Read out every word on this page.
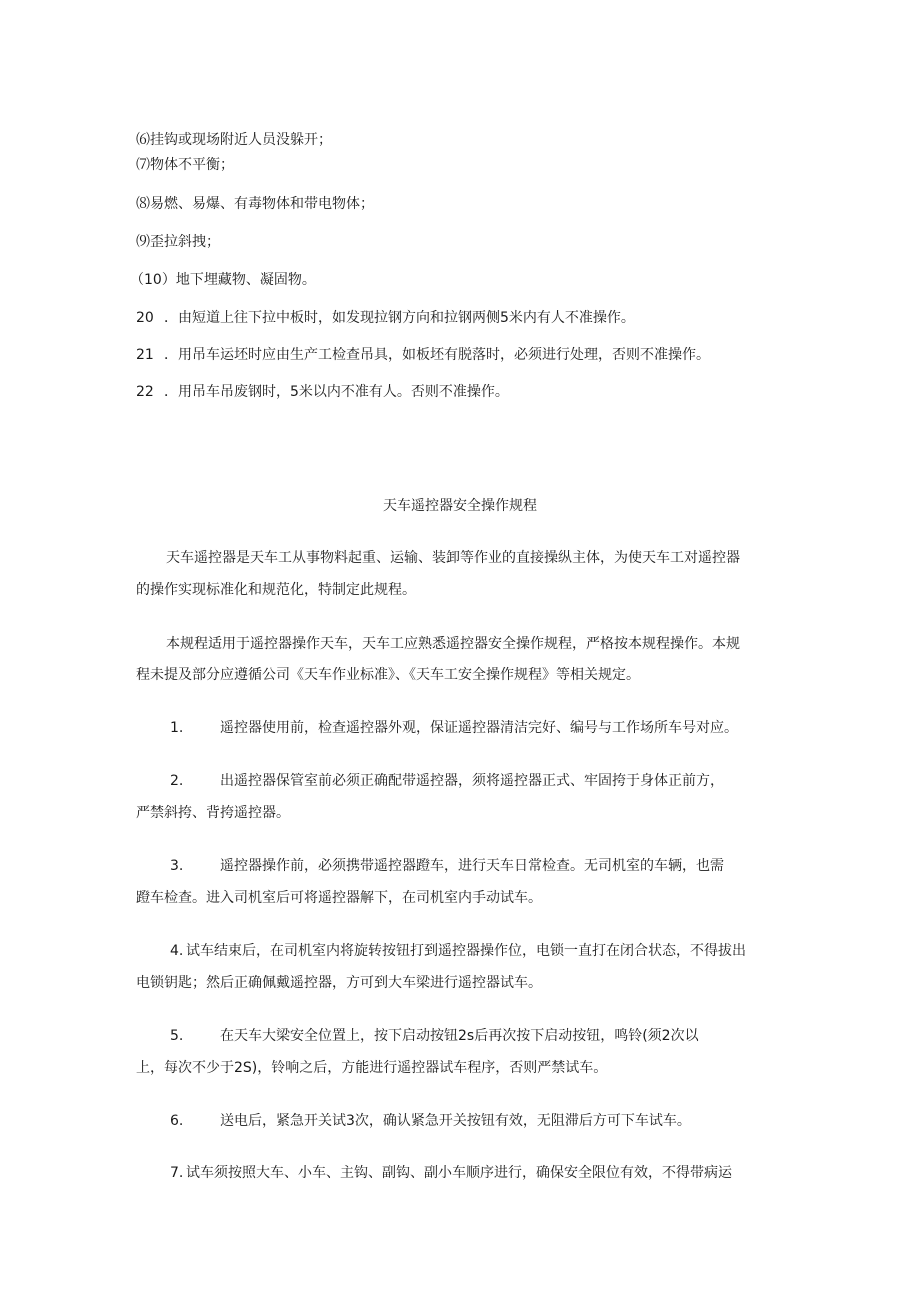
⑹挂钩或现场附近人员没躲开；
⑺物体不平衡；
⑻易燃、易爆、有毒物体和带电物体；
⑼歪拉斜拽；
（10）地下埋藏物、凝固物。
20 ．由短道上往下拉中板时，如发现拉钢方向和拉钢两侧5米内有人不准操作。
21 ．用吊车运坯时应由生产工检查吊具，如板坯有脱落时，必须进行处理，否则不准操作。
22 ．用吊车吊废钢时，5米以内不准有人。否则不准操作。
天车遥控器安全操作规程
天车遥控器是天车工从事物料起重、运输、装卸等作业的直接操纵主体，为使天车工对遥控器
的操作实现标准化和规范化，特制定此规程。
本规程适用于遥控器操作天车，天车工应熟悉遥控器安全操作规程，严格按本规程操作。本规
程未提及部分应遵循公司《天车作业标准》、《天车工安全操作规程》等相关规定。
1.	遥控器使用前，检查遥控器外观，保证遥控器清洁完好、编号与工作场所车号对应。
2.	出遥控器保管室前必须正确配带遥控器，须将遥控器正式、牢固挎于身体正前方，
严禁斜挎、背挎遥控器。
3.	遥控器操作前，必须携带遥控器蹬车，进行天车日常检查。无司机室的车辆，也需
蹬车检查。进入司机室后可将遥控器解下，在司机室内手动试车。
4. 试车结束后，在司机室内将旋转按钮打到遥控器操作位，电锁一直打在闭合状态，不得拔出
电锁钥匙；然后正确佩戴遥控器，方可到大车梁进行遥控器试车。
5.	在天车大梁安全位置上，按下启动按钮2s后再次按下启动按钮，鸣铃(须2次以
上，每次不少于2S)，铃响之后，方能进行遥控器试车程序，否则严禁试车。
6.	送电后，紧急开关试3次，确认紧急开关按钮有效，无阻滞后方可下车试车。
7. 试车须按照大车、小车、主钩、副钩、副小车顺序进行，确保安全限位有效，不得带病运
